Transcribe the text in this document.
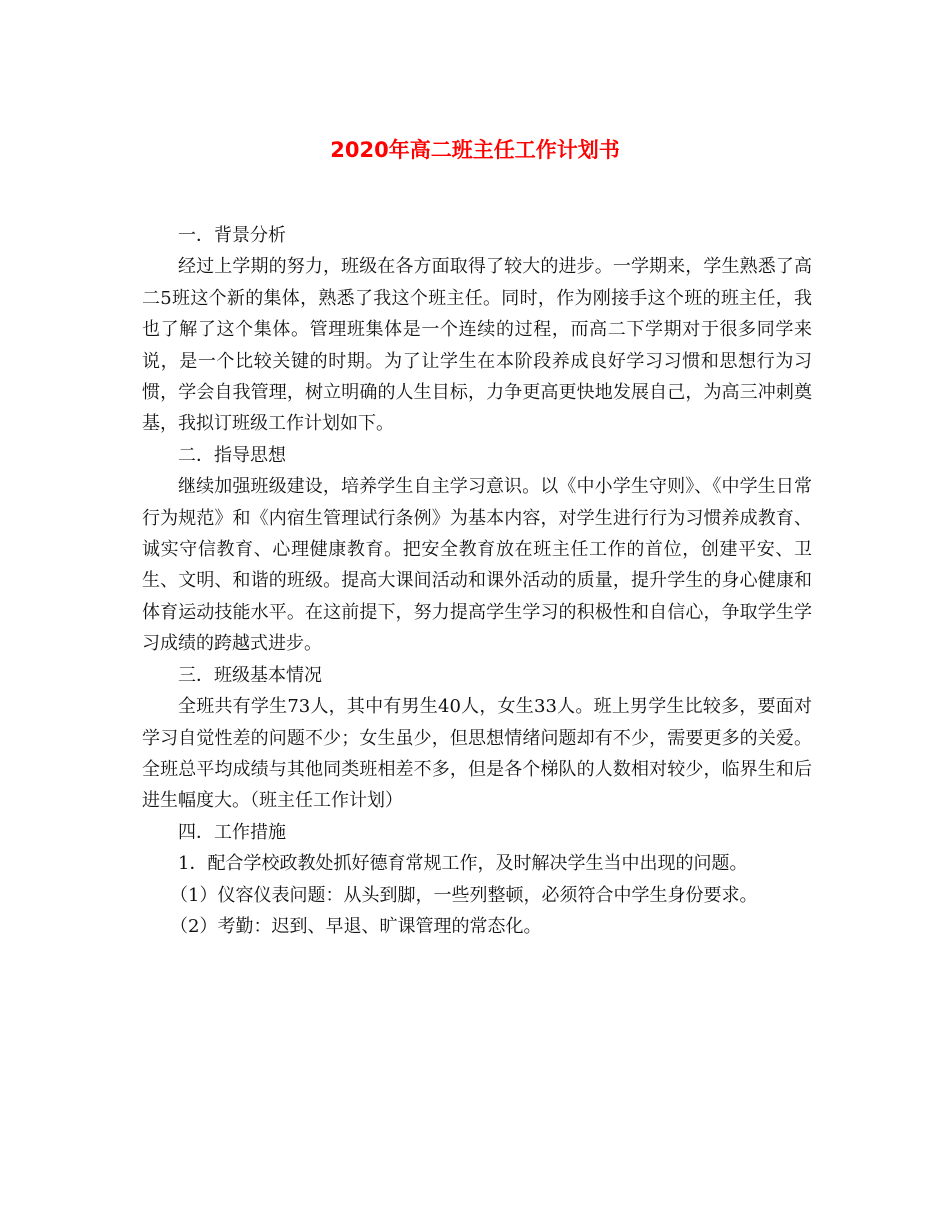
2020年高二班主任工作计划书
一．背景分析

经过上学期的努力，班级在各方面取得了较大的进步。一学期来，学生熟悉了高二5班这个新的集体，熟悉了我这个班主任。同时，作为刚接手这个班的班主任，我也了解了这个集体。管理班集体是一个连续的过程，而高二下学期对于很多同学来说，是一个比较关键的时期。为了让学生在本阶段养成良好学习习惯和思想行为习惯，学会自我管理，树立明确的人生目标，力争更高更快地发展自己，为高三冲刺奠基，我拟订班级工作计划如下。

二．指导思想

继续加强班级建设，培养学生自主学习意识。以《中小学生守则》、《中学生日常行为规范》和《内宿生管理试行条例》为基本内容，对学生进行行为习惯养成教育、诚实守信教育、心理健康教育。把安全教育放在班主任工作的首位，创建平安、卫生、文明、和谐的班级。提高大课间活动和课外活动的质量，提升学生的身心健康和体育运动技能水平。在这前提下，努力提高学生学习的积极性和自信心，争取学生学习成绩的跨越式进步。

三．班级基本情况

全班共有学生73人，其中有男生40人，女生33人。班上男学生比较多，要面对学习自觉性差的问题不少；女生虽少，但思想情绪问题却有不少，需要更多的关爱。全班总平均成绩与其他同类班相差不多，但是各个梯队的人数相对较少，临界生和后进生幅度大。（班主任工作计划）

四．工作措施
1．配合学校政教处抓好德育常规工作，及时解决学生当中出现的问题。
（1）仪容仪表问题：从头到脚，一些列整顿，必须符合中学生身份要求。
（2）考勤：迟到、早退、旷课管理的常态化。
